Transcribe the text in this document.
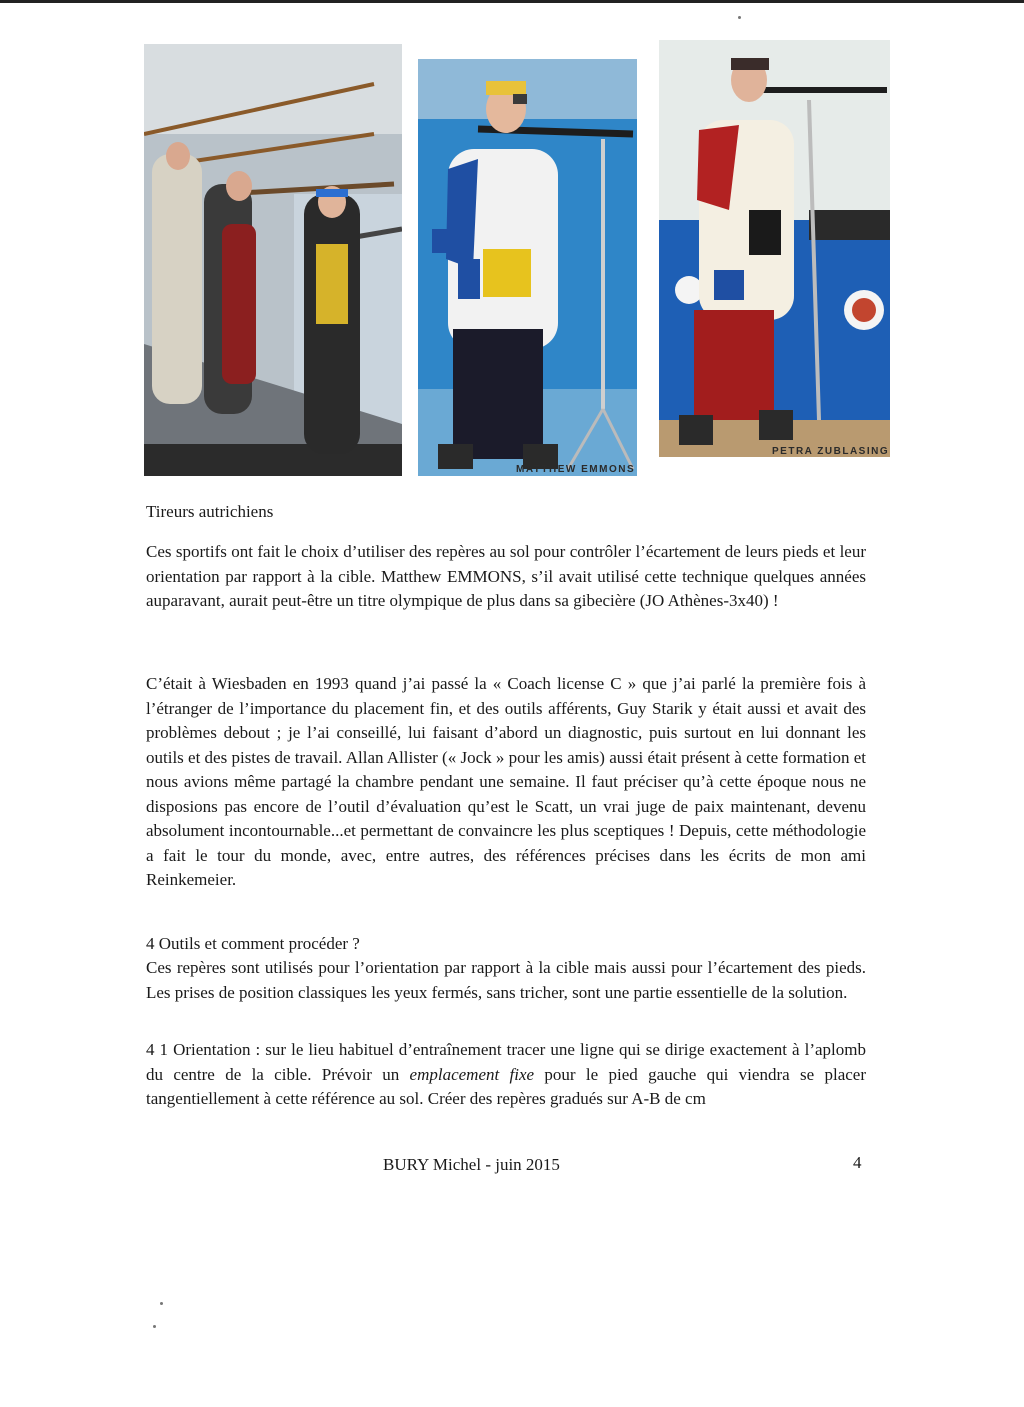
MATTHEW EMMONS
PETRA ZUBLASING

Tireurs autrichiens

Ces sportifs ont fait le choix d’utiliser des repères au sol pour contrôler l’écartement de leurs pieds et leur orientation par rapport à la cible. Matthew EMMONS, s’il avait utilisé cette technique quelques années auparavant, aurait peut-être un titre olympique de plus dans sa gibecière (JO Athènes-3x40) !

C’était à Wiesbaden en 1993 quand j’ai passé la « Coach license C » que j’ai parlé la première fois à l’étranger de l’importance du placement fin, et des outils afférents, Guy Starik y était aussi et avait des problèmes debout ; je l’ai conseillé, lui faisant d’abord un diagnostic, puis surtout en lui donnant les outils et des pistes de travail. Allan Allister (« Jock » pour les amis) aussi était présent à cette formation et nous avions même partagé la chambre pendant une semaine. Il faut préciser qu’à cette époque nous ne disposions pas encore de l’outil d’évaluation qu’est le Scatt, un vrai juge de paix maintenant, devenu absolument incontournable...et permettant de convaincre les plus sceptiques ! Depuis, cette méthodologie a fait le tour du monde, avec, entre autres, des références précises dans les écrits de mon ami Reinkemeier.

4 Outils et comment procéder ?

Ces repères sont utilisés pour l’orientation par rapport à la cible mais aussi pour l’écartement des pieds. Les prises de position classiques les yeux fermés, sans tricher, sont une partie essentielle de la solution.

4 1 Orientation : sur le lieu habituel d’entraînement tracer une ligne qui se dirige exactement à l’aplomb du centre de la cible. Prévoir un emplacement fixe pour le pied gauche qui viendra se placer tangentiellement à cette référence au sol. Créer des repères gradués sur A-B de cm

BURY Michel - juin 2015	4
